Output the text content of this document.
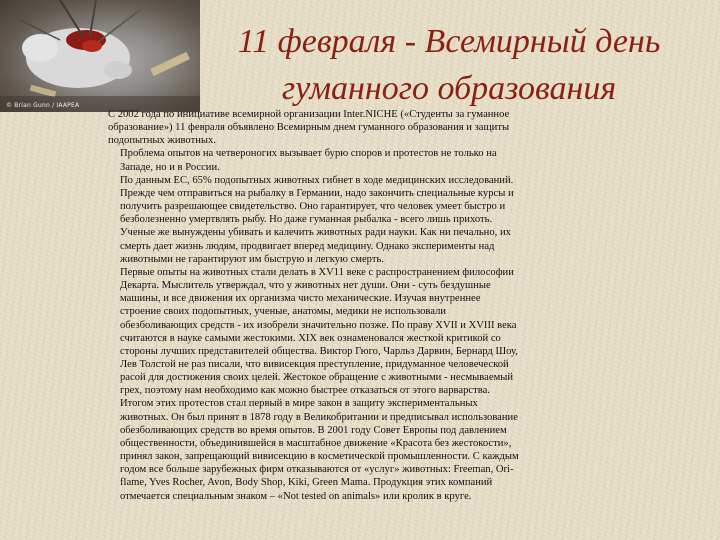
© Brian Gunn / IAAPEA
11 февраля - Всемирный день
гуманного образования

С 2002 года по инициативе всемирной организации Inter.NICHE («Студенты за гуманное
образование») 11 февраля объявлено Всемирным днем гуманного образования и защиты
подопытных животных.

Проблема опытов на четвероногих вызывает бурю споров и протестов не только на
Западе, но и в России.

По данным ЕС, 65% подопытных животных гибнет в ходе медицинских исследований.

Прежде чем отправиться на рыбалку в Германии, надо закончить специальные курсы и
получить разрешающее свидетельство. Оно гарантирует, что человек умеет быстро и
безболезненно умертвлять рыбу. Но даже гуманная рыбалка - всего лишь прихоть.
Ученые же вынуждены убивать и калечить животных ради науки. Как ни печально, их
смерть дает жизнь людям, продвигает вперед медицину. Однако эксперименты над
животными не гарантируют им быструю и легкую смерть.

Первые опыты на животных стали делать в XV11 веке с распространением философии
Декарта. Мыслитель утверждал, что у животных нет души. Они - суть бездушные
машины, и все движения их организма чисто механические. Изучая внутреннее
строение своих подопытных, ученые, анатомы, медики не использовали
обезболивающих средств - их изобрели значительно позже. По праву XVII и XVIII века
считаются в науке самыми жестокими. XIX век ознаменовался жесткой критикой со
стороны лучших представителей общества. Виктор Гюго, Чарльз Дарвин, Бернард Шоу,
Лев Толстой не раз писали, что вивисекция преступление, придуманное человеческой
расой для достижения своих целей. Жестокое обращение с животными - несмываемый
грех, поэтому нам необходимо как можно быстрее отказаться от этого варварства.
Итогом этих протестов стал первый в мире закон в защиту экспериментальных
животных. Он был принят в 1878 году в Великобритании и предписывал использование
обезболивающих средств во время опытов. В 2001 году Совет Европы под давлением
общественности, объединившейся в масштабное движение «Красота без жестокости»,
принял закон, запрещающий вивисекцию в косметической промышленности. С каждым
годом все больше зарубежных фирм отказываются от «услуг» животных: Freeman, Ori-
flame, Yves Rocher, Avon, Body Shop, Kiki, Green Mama. Продукция этих компаний
отмечается специальным знаком – «Not tested on animals» или кролик в круге.
